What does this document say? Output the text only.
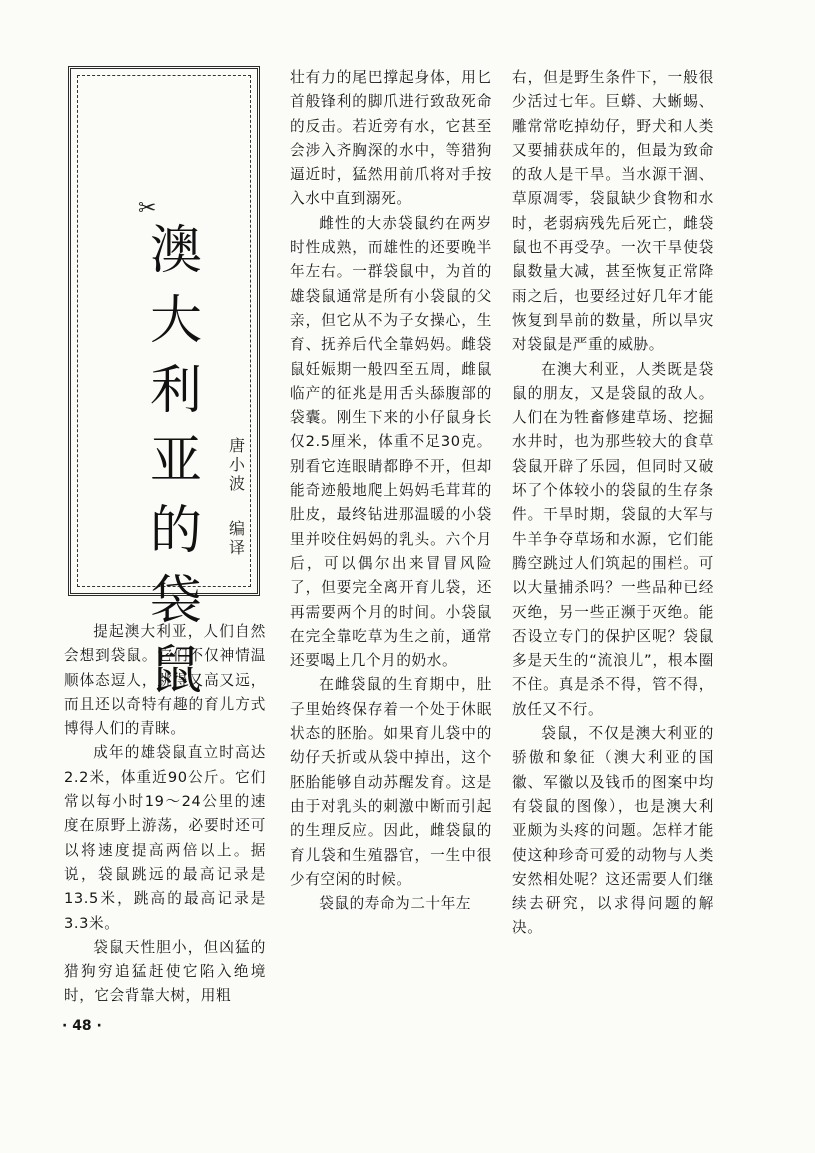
✂
澳
大
利
亚
的
袋
鼠
唐
小
波
编
译

提起澳大利亚，人们自然会想到袋鼠。它们不仅神情温顺体态逗人，跳得又高又远，而且还以奇特有趣的育儿方式博得人们的青睐。

成年的雄袋鼠直立时高达2.2米，体重近90公斤。它们常以每小时19～24公里的速度在原野上游荡，必要时还可以将速度提高两倍以上。据说，袋鼠跳远的最高记录是13.5米，跳高的最高记录是3.3米。

袋鼠天性胆小，但凶猛的猎狗穷追猛赶使它陷入绝境时，它会背靠大树，用粗

壮有力的尾巴撑起身体，用匕首般锋利的脚爪进行致敌死命的反击。若近旁有水，它甚至会涉入齐胸深的水中，等猎狗逼近时，猛然用前爪将对手按入水中直到溺死。

雌性的大赤袋鼠约在两岁时性成熟，而雄性的还要晚半年左右。一群袋鼠中，为首的雄袋鼠通常是所有小袋鼠的父亲，但它从不为子女操心，生育、抚养后代全靠妈妈。雌袋鼠妊娠期一般四至五周，雌鼠临产的征兆是用舌头舔腹部的袋囊。刚生下来的小仔鼠身长仅2.5厘米，体重不足30克。别看它连眼睛都睁不开，但却能奇迹般地爬上妈妈毛茸茸的肚皮，最终钻进那温暖的小袋里并咬住妈妈的乳头。六个月后，可以偶尔出来冒冒风险了，但要完全离开育儿袋，还再需要两个月的时间。小袋鼠在完全靠吃草为生之前，通常还要喝上几个月的奶水。

在雌袋鼠的生育期中，肚子里始终保存着一个处于休眠状态的胚胎。如果育儿袋中的幼仔夭折或从袋中掉出，这个胚胎能够自动苏醒发育。这是由于对乳头的刺激中断而引起的生理反应。因此，雌袋鼠的育儿袋和生殖器官，一生中很少有空闲的时候。

袋鼠的寿命为二十年左

右，但是野生条件下，一般很少活过七年。巨蟒、大蜥蜴、雕常常吃掉幼仔，野犬和人类又要捕获成年的，但最为致命的敌人是干旱。当水源干涸、草原凋零，袋鼠缺少食物和水时，老弱病残先后死亡，雌袋鼠也不再受孕。一次干旱使袋鼠数量大减，甚至恢复正常降雨之后，也要经过好几年才能恢复到旱前的数量，所以旱灾对袋鼠是严重的威胁。

在澳大利亚，人类既是袋鼠的朋友，又是袋鼠的敌人。人们在为牲畜修建草场、挖掘水井时，也为那些较大的食草袋鼠开辟了乐园，但同时又破坏了个体较小的袋鼠的生存条件。干旱时期，袋鼠的大军与牛羊争夺草场和水源，它们能腾空跳过人们筑起的围栏。可以大量捕杀吗？一些品种已经灭绝，另一些正濒于灭绝。能否设立专门的保护区呢？袋鼠多是天生的“流浪儿”，根本圈不住。真是杀不得，管不得，放任又不行。

袋鼠，不仅是澳大利亚的骄傲和象征（澳大利亚的国徽、军徽以及钱币的图案中均有袋鼠的图像），也是澳大利亚颇为头疼的问题。怎样才能使这种珍奇可爱的动物与人类安然相处呢？这还需要人们继续去研究，以求得问题的解决。

· 48 ·
